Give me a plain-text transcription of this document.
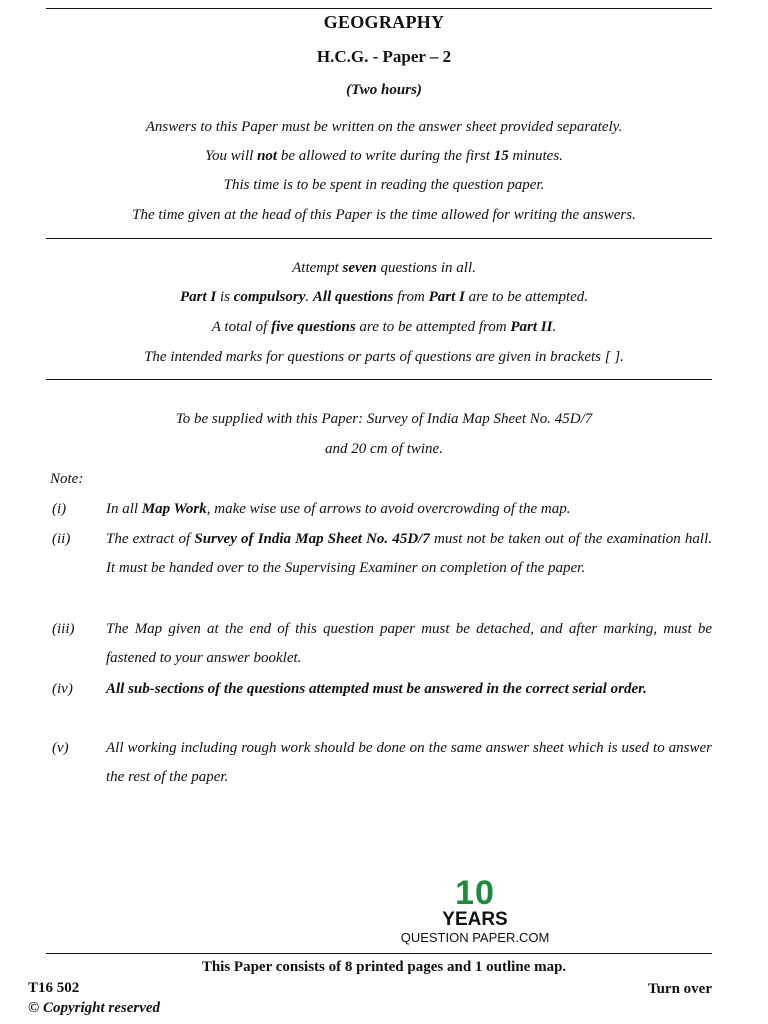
GEOGRAPHY
H.C.G. - Paper – 2
(Two hours)
Answers to this Paper must be written on the answer sheet provided separately.
You will not be allowed to write during the first 15 minutes.
This time is to be spent in reading the question paper.
The time given at the head of this Paper is the time allowed for writing the answers.
Attempt seven questions in all.
Part I is compulsory. All questions from Part I are to be attempted.
A total of five questions are to be attempted from Part II.
The intended marks for questions or parts of questions are given in brackets [ ].
To be supplied with this Paper: Survey of India Map Sheet No. 45D/7
and 20 cm of twine.
Note:
(i)	In all Map Work, make wise use of arrows to avoid overcrowding of the map.
(ii) The extract of Survey of India Map Sheet No. 45D/7 must not be taken out of the examination hall. It must be handed over to the Supervising Examiner on completion of the paper.
(iii) The Map given at the end of this question paper must be detached, and after marking, must be fastened to your answer booklet.
(iv) All sub-sections of the questions attempted must be answered in the correct serial order.
(v) All working including rough work should be done on the same answer sheet which is used to answer the rest of the paper.
10
YEARS
QUESTION PAPER.COM
This Paper consists of 8 printed pages and 1 outline map.
T16 502	Turn over
© Copyright reserved
